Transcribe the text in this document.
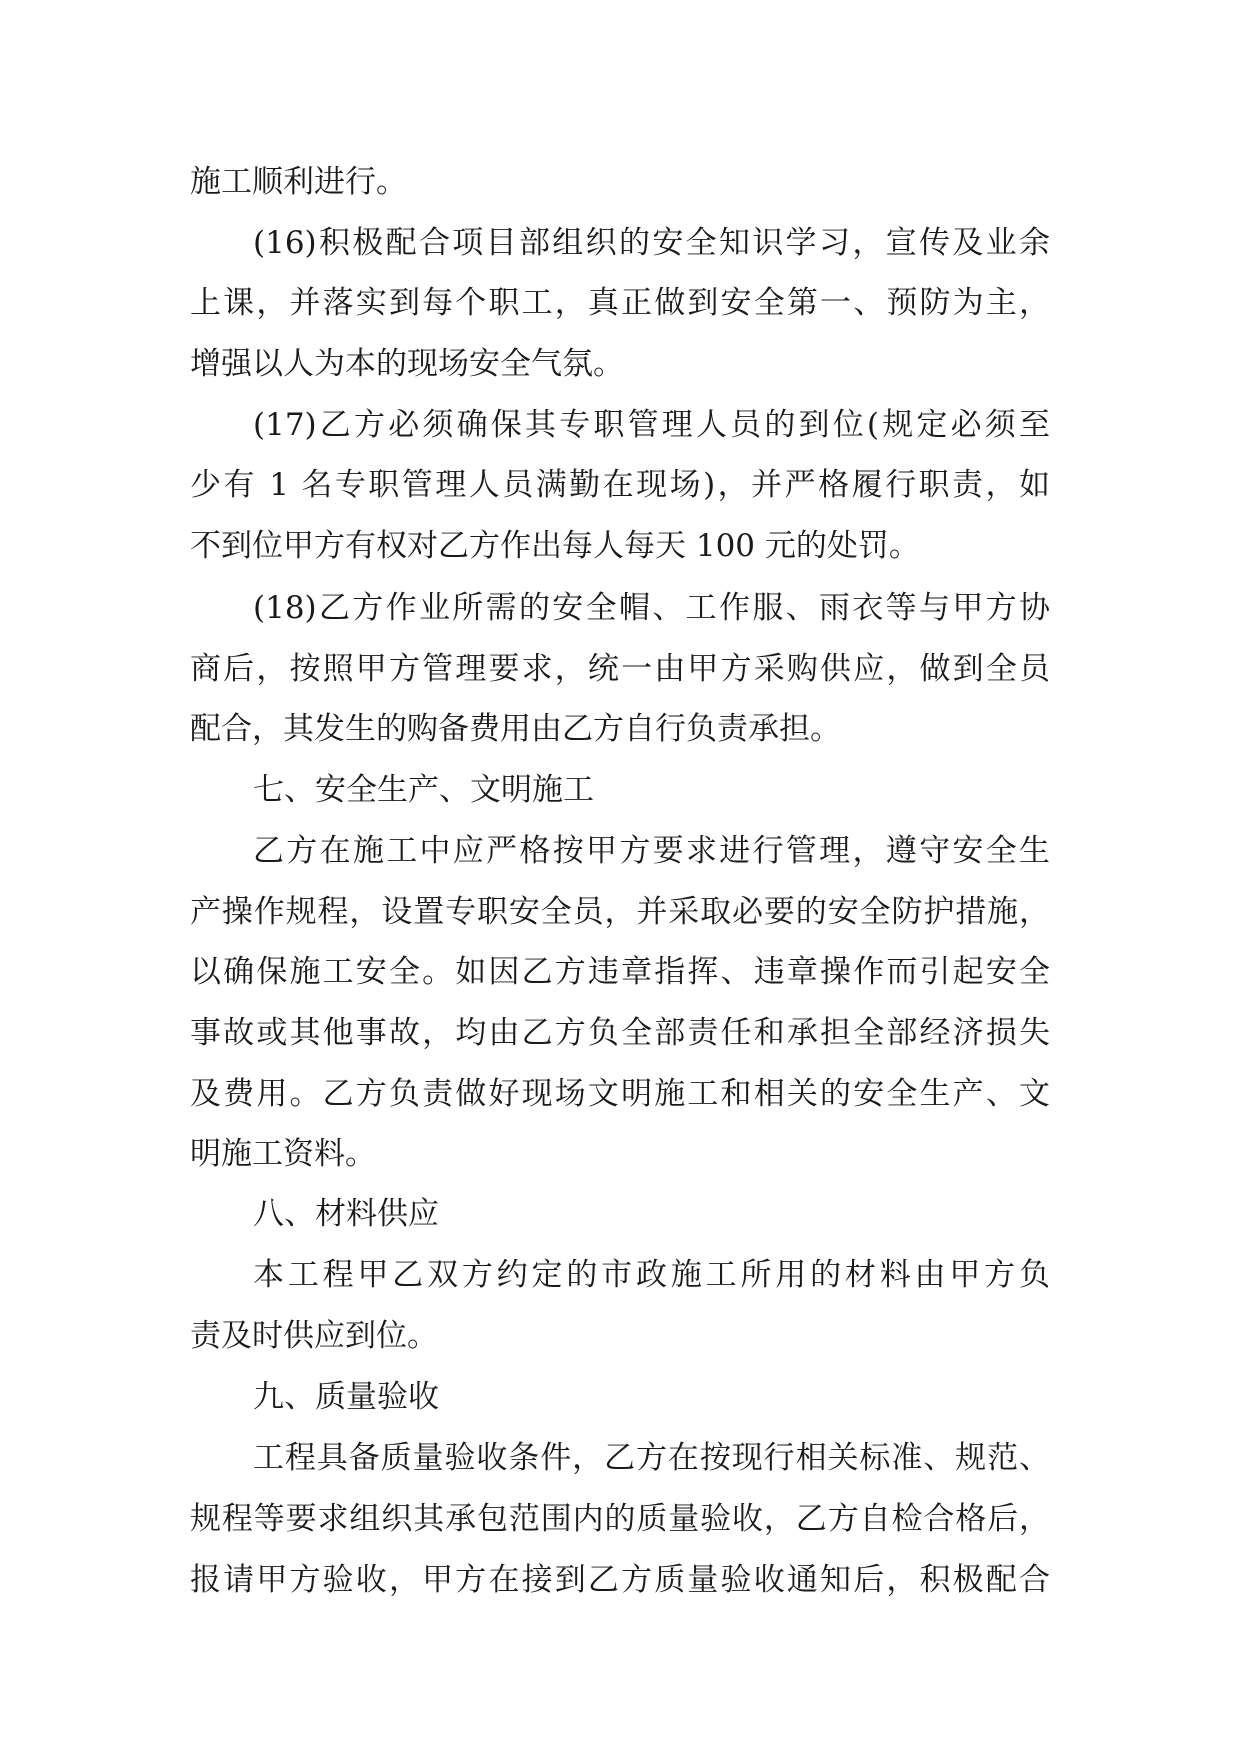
施工顺利进行。
(16)积极配合项目部组织的安全知识学习，宣传及业余
上课，并落实到每个职工，真正做到安全第一、预防为主，
增强以人为本的现场安全气氛。
(17)乙方必须确保其专职管理人员的到位(规定必须至
少有 1 名专职管理人员满勤在现场)，并严格履行职责，如
不到位甲方有权对乙方作出每人每天 100 元的处罚。
(18)乙方作业所需的安全帽、工作服、雨衣等与甲方协
商后，按照甲方管理要求，统一由甲方采购供应，做到全员
配合，其发生的购备费用由乙方自行负责承担。
七、安全生产、文明施工
乙方在施工中应严格按甲方要求进行管理，遵守安全生
产操作规程，设置专职安全员，并采取必要的安全防护措施，
以确保施工安全。如因乙方违章指挥、违章操作而引起安全
事故或其他事故，均由乙方负全部责任和承担全部经济损失
及费用。乙方负责做好现场文明施工和相关的安全生产、文
明施工资料。
八、材料供应
本工程甲乙双方约定的市政施工所用的材料由甲方负
责及时供应到位。
九、质量验收
工程具备质量验收条件，乙方在按现行相关标准、规范、
规程等要求组织其承包范围内的质量验收，乙方自检合格后，
报请甲方验收，甲方在接到乙方质量验收通知后，积极配合
